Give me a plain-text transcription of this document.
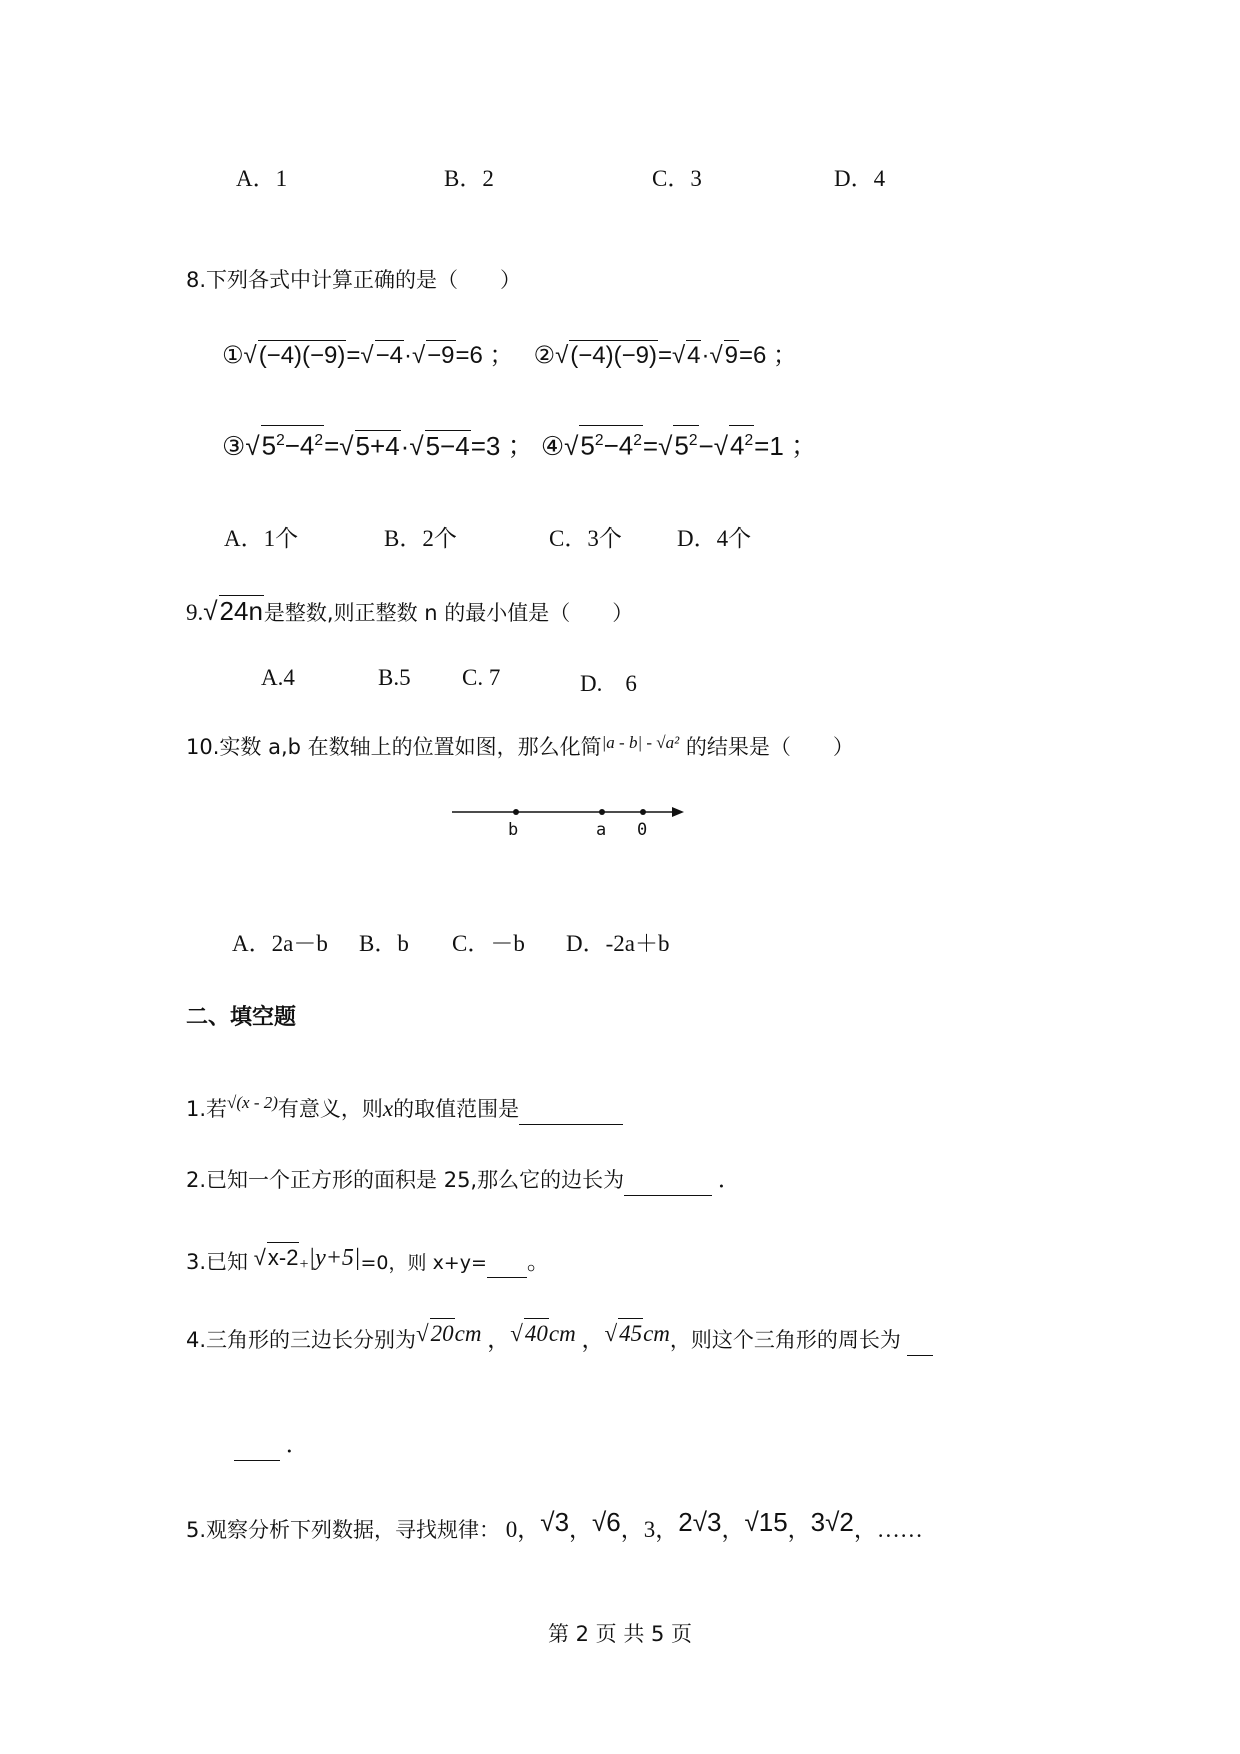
A．1	B．2	C．3	D．4
8.下列各式中计算正确的是（　　）
①√(−4)(−9)=√−4·√−9=6 ； ②√(−4)(−9)=√4·√9=6 ；
$③√5^2-4^2=√5+4\cdot√5-4=3$ ； $④√5^2-4^2=√5^2-√4^2=1$ ；
A．1个	B．2个	C．3个 D．4个
9.√24n是整数,则正整数 n 的最小值是（　　）
A.4	B.5 C. 7	D.　6
10.实数 a,b 在数轴上的位置如图，那么化简$^{|a - b| - √a^2}$ 的结果是（　　）
b	a 0
A．2a－b B．b C．－b D．-2a＋b
二、填空题
1.若$^{√(x - 2)}$有意义，则x的取值范围是
2.已知一个正方形的面积是 25,那么它的边长为	．
3.已知 √x-2+|y+5|=0，则 x+y= 。
4.三角形的三边长分别为√20cm ，√40cm ，√45cm，则这个三角形的周长为
．
5.观察分析下列数据，寻找规律： 0，√3，√6，3，2√3，√15，3√2，……
第 2 页 共 5 页
